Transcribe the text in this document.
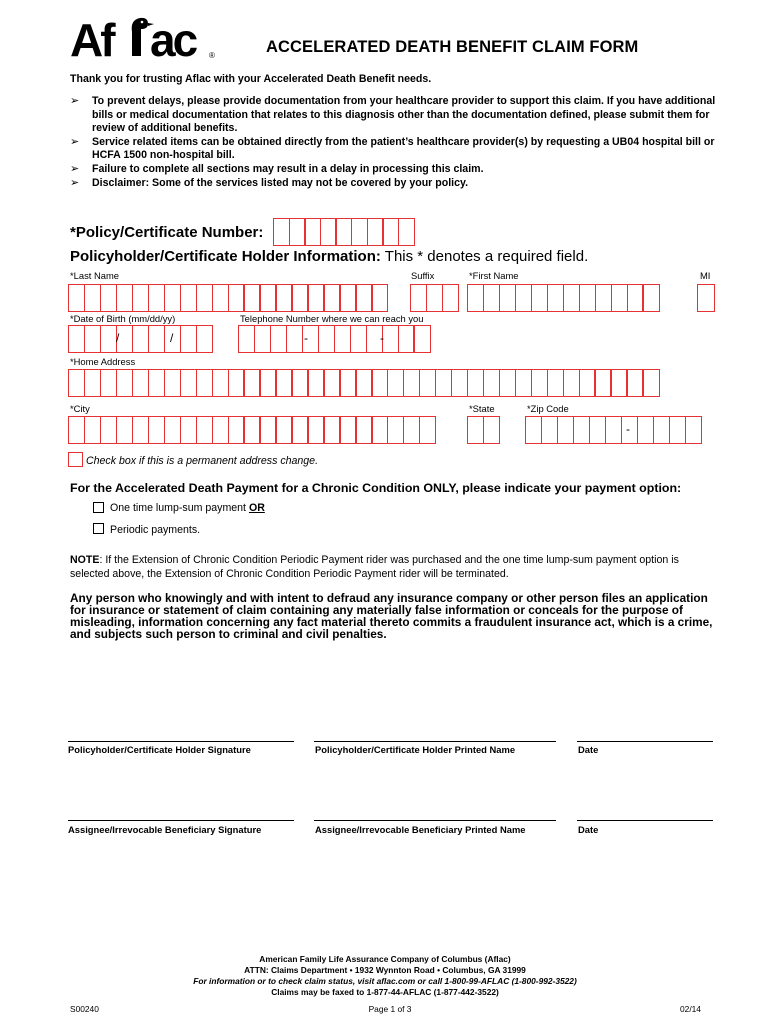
Af ac	®	ACCELERATED DEATH BENEFIT CLAIM FORM
Thank you for trusting Aflac with your Accelerated Death Benefit needs.
➢ To prevent delays, please provide documentation from your healthcare provider to support this claim. If you have additional bills or medical documentation that relates to this diagnosis other than the documentation defined, please submit them for review of additional benefits.
➢ Service related items can be obtained directly from the patient’s healthcare provider(s) by requesting a UB04 hospital bill or HCFA 1500 non-hospital bill.
➢ Failure to complete all sections may result in a delay in processing this claim.
➢ Disclaimer: Some of the services listed may not be covered by your policy.
*Policy/Certificate Number:
Policyholder/Certificate Holder Information: This * denotes a required field.
*Last Name	Suffix	*First Name	MI
*Date of Birth (mm/dd/yy)	Telephone Number where we can reach you
/	/	-	-
*Home Address
*City	*State	*Zip Code
-
Check box if this is a permanent address change.
For the Accelerated Death Payment for a Chronic Condition ONLY, please indicate your payment option:
One time lump-sum payment OR
Periodic payments.
NOTE: If the Extension of Chronic Condition Periodic Payment rider was purchased and the one time lump-sum payment option is selected above, the Extension of Chronic Condition Periodic Payment rider will be terminated.
Any person who knowingly and with intent to defraud any insurance company or other person files an application for insurance or statement of claim containing any materially false information or conceals for the purpose of misleading, information concerning any fact material thereto commits a fraudulent insurance act, which is a crime, and subjects such person to criminal and civil penalties.
Policyholder/Certificate Holder Signature	Policyholder/Certificate Holder Printed Name	Date
Assignee/Irrevocable Beneficiary Signature	Assignee/Irrevocable Beneficiary Printed Name	Date
American Family Life Assurance Company of Columbus (Aflac)
ATTN: Claims Department • 1932 Wynnton Road • Columbus, GA 31999
For information or to check claim status, visit aflac.com or call 1-800-99-AFLAC (1-800-992-3522)
Claims may be faxed to 1-877-44-AFLAC (1-877-442-3522)
S00240	Page 1 of 3	02/14
